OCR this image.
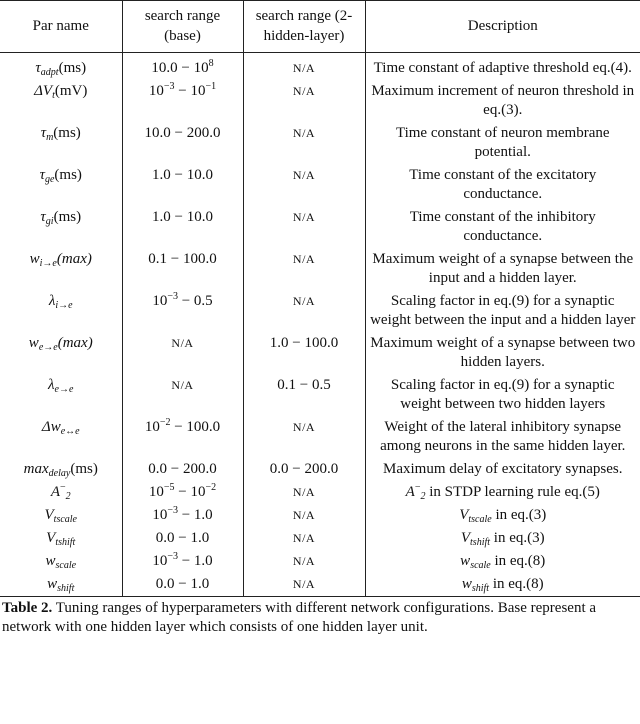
Par name	search range (base)	search range (2-hidden-layer)	Description
$\tau_{adpt}(ms)$	$10.0 - 10^8$	N/A	Time constant of adaptive threshold eq.(4).
$\Delta V_t(mV)$	$10^{-3} - 10^{-1}$	N/A	Maximum increment of neuron threshold in eq.(3).
$\tau_m(ms)$	10.0 − 200.0	N/A	Time constant of neuron membrane potential.
$\tau_{ge}(ms)$	1.0 − 10.0	N/A	Time constant of the excitatory conductance.
$\tau_{gi}(ms)$	1.0 − 10.0	N/A	Time constant of the inhibitory conductance.
$w_{i\to e}(\max)$	0.1 − 100.0	N/A	Maximum weight of a synapse between the input and a hidden layer.
$\lambda_{i\to e}$	$10^{-3} - 0.5$	N/A	Scaling factor in eq.(9) for a synaptic weight between the input and a hidden layer
$w_{e\to e}(\max)$	N/A	1.0 − 100.0	Maximum weight of a synapse between two hidden layers.
$\lambda_{e\to e}$	N/A	0.1 − 0.5	Scaling factor in eq.(9) for a synaptic weight between two hidden layers
$\Delta w_{e\leftrightarrow e}$	$10^{-2} - 100.0$	N/A	Weight of the lateral inhibitory synapse among neurons in the same hidden layer.
$\max_{delay}(ms)$	0.0 − 200.0	0.0 − 200.0	Maximum delay of excitatory synapses.
$A^-_2$	$10^{-5} - 10^{-2}$	N/A	$A^-_2$ in STDP learning rule eq.(5)
$V_{tscale}$	$10^{-3} - 1.0$	N/A	$V_{tscale}$ in eq.(3)
$V_{tshift}$	0.0 − 1.0	N/A	$V_{tshift}$ in eq.(3)
$w_{scale}$	$10^{-3} - 1.0$	N/A	$w_{scale}$ in eq.(8)
$w_{shift}$	0.0 − 1.0	N/A	$w_{shift}$ in eq.(8)
Table 2. Tuning ranges of hyperparameters with different network configurations. Base represent a network with one hidden layer which consists of one hidden layer unit.
